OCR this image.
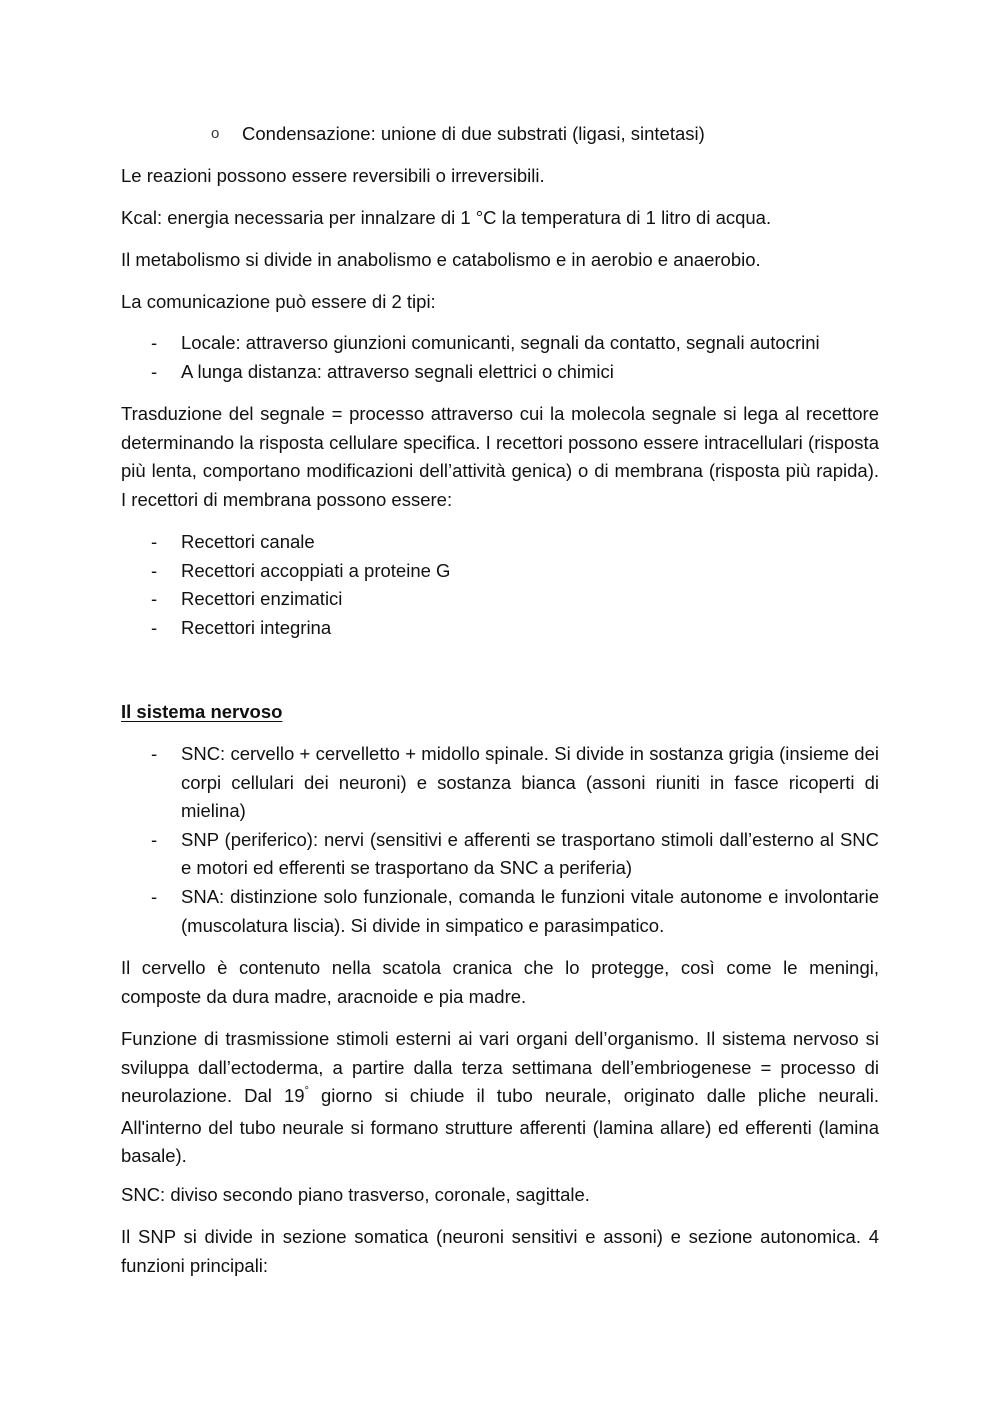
o Condensazione: unione di due substrati (ligasi, sintetasi)

Le reazioni possono essere reversibili o irreversibili.

Kcal: energia necessaria per innalzare di 1 °C la temperatura di 1 litro di acqua.

Il metabolismo si divide in anabolismo e catabolismo e in aerobio e anaerobio.

La comunicazione può essere di 2 tipi:

- Locale: attraverso giunzioni comunicanti, segnali da contatto, segnali autocrini
- A lunga distanza: attraverso segnali elettrici o chimici

Trasduzione del segnale = processo attraverso cui la molecola segnale si lega al recettore determinando la risposta cellulare specifica. I recettori possono essere intracellulari (risposta più lenta, comportano modificazioni dell’attività genica) o di membrana (risposta più rapida). I recettori di membrana possono essere:

- Recettori canale
- Recettori accoppiati a proteine G
- Recettori enzimatici
- Recettori integrina
Il sistema nervoso
- SNC: cervello + cervelletto + midollo spinale. Si divide in sostanza grigia (insieme dei corpi cellulari dei neuroni) e sostanza bianca (assoni riuniti in fasce ricoperti di mielina)
- SNP (periferico): nervi (sensitivi e afferenti se trasportano stimoli dall’esterno al SNC e motori ed efferenti se trasportano da SNC a periferia)
- SNA: distinzione solo funzionale, comanda le funzioni vitale autonome e involontarie (muscolatura liscia). Si divide in simpatico e parasimpatico.

Il cervello è contenuto nella scatola cranica che lo protegge, così come le meningi, composte da dura madre, aracnoide e pia madre.

Funzione di trasmissione stimoli esterni ai vari organi dell’organismo. Il sistema nervoso si sviluppa dall’ectoderma, a partire dalla terza settimana dell’embriogenese = processo di neurolazione. Dal 19° giorno si chiude il tubo neurale, originato dalle pliche neurali. All'interno del tubo neurale si formano strutture afferenti (lamina allare) ed efferenti (lamina basale).

SNC: diviso secondo piano trasverso, coronale, sagittale.

Il SNP si divide in sezione somatica (neuroni sensitivi e assoni) e sezione autonomica. 4 funzioni principali:
